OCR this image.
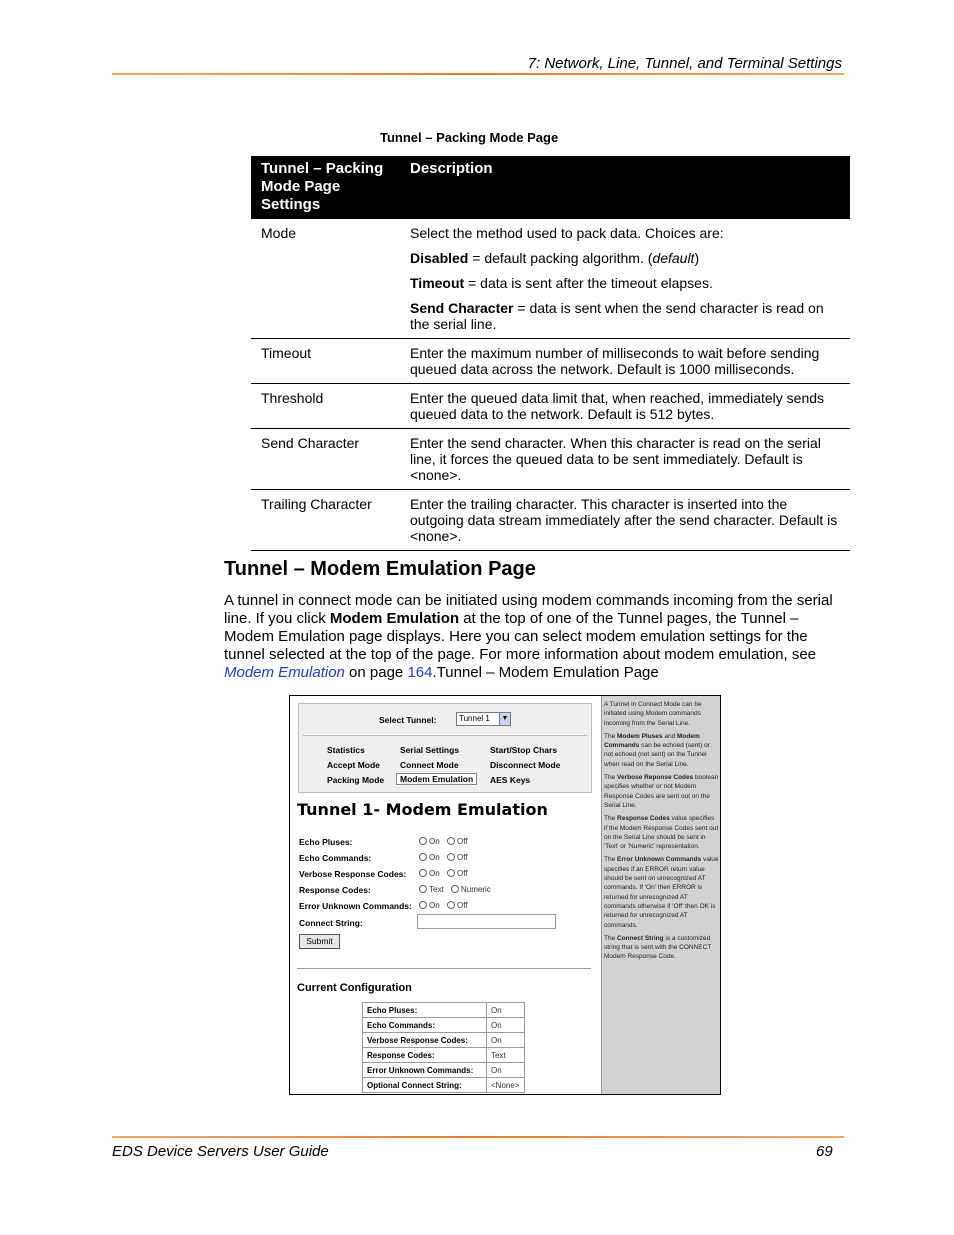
7: Network, Line, Tunnel, and Terminal Settings
Tunnel – Packing Mode Page
Tunnel – Packing Mode Page Settings	Description
Mode	Select the method used to pack data. Choices are:

Disabled = default packing algorithm. (default)

Timeout = data is sent after the timeout elapses.

Send Character = data is sent when the send character is read on the serial line.

Timeout	Enter the maximum number of milliseconds to wait before sending queued data across the network. Default is 1000 milliseconds.
Threshold	Enter the queued data limit that, when reached, immediately sends queued data to the network. Default is 512 bytes.
Send Character	Enter the send character. When this character is read on the serial line, it forces the queued data to be sent immediately. Default is <none>.
Trailing Character	Enter the trailing character. This character is inserted into the outgoing data stream immediately after the send character. Default is <none>.
Tunnel – Modem Emulation Page
A tunnel in connect mode can be initiated using modem commands incoming from the serial line. If you click Modem Emulation at the top of one of the Tunnel pages, the Tunnel – Modem Emulation page displays. Here you can select modem emulation settings for the tunnel selected at the top of the page. For more information about modem emulation, see Modem Emulation on page 164.Tunnel – Modem Emulation Page
Select Tunnel:	Tunnel 1	▼
Statistics	Serial Settings	Start/Stop Chars
Accept Mode Connect Mode	Disconnect Mode
Packing Mode	Modem Emulation	AES Keys
Tunnel 1- Modem Emulation
Echo Pluses:	On	Off
Echo Commands:	On	Off
Verbose Response Codes:	On	Off
Response Codes:	Text	Numeric
Error Unknown Commands:	On	Off
Connect String:
Submit
Current Configuration
Echo Pluses:	On
Echo Commands:	On
Verbose Response Codes:	On
Response Codes:	Text
Error Unknown Commands:	On
Optional Connect String:	<None>

A Tunnel in Connect Mode can be initiated using Modem commands incoming from the Serial Line.

The Modem Pluses and Modem Commands can be echoed (sent) or not echoed (not sent) on the Tunnel when read on the Serial Line.

The Verbose Reponse Codes boolean specifies whether or not Modem Response Codes are sent out on the Serial Line.

The Response Codes value specifies if the Modem Response Codes sent out on the Serial Line should be sent in 'Text' or 'Numeric' representation.

The Error Unknown Commands value specifies if an ERROR return value should be sent on unrecognized AT commands. If 'On' then ERROR is returned for unrecognized AT commands otherwise if 'Off' then OK is returned for unrecognized AT commands.

The Connect String is a customized string that is sent with the CONNECT Modem Response Code.

EDS Device Servers User Guide	69
